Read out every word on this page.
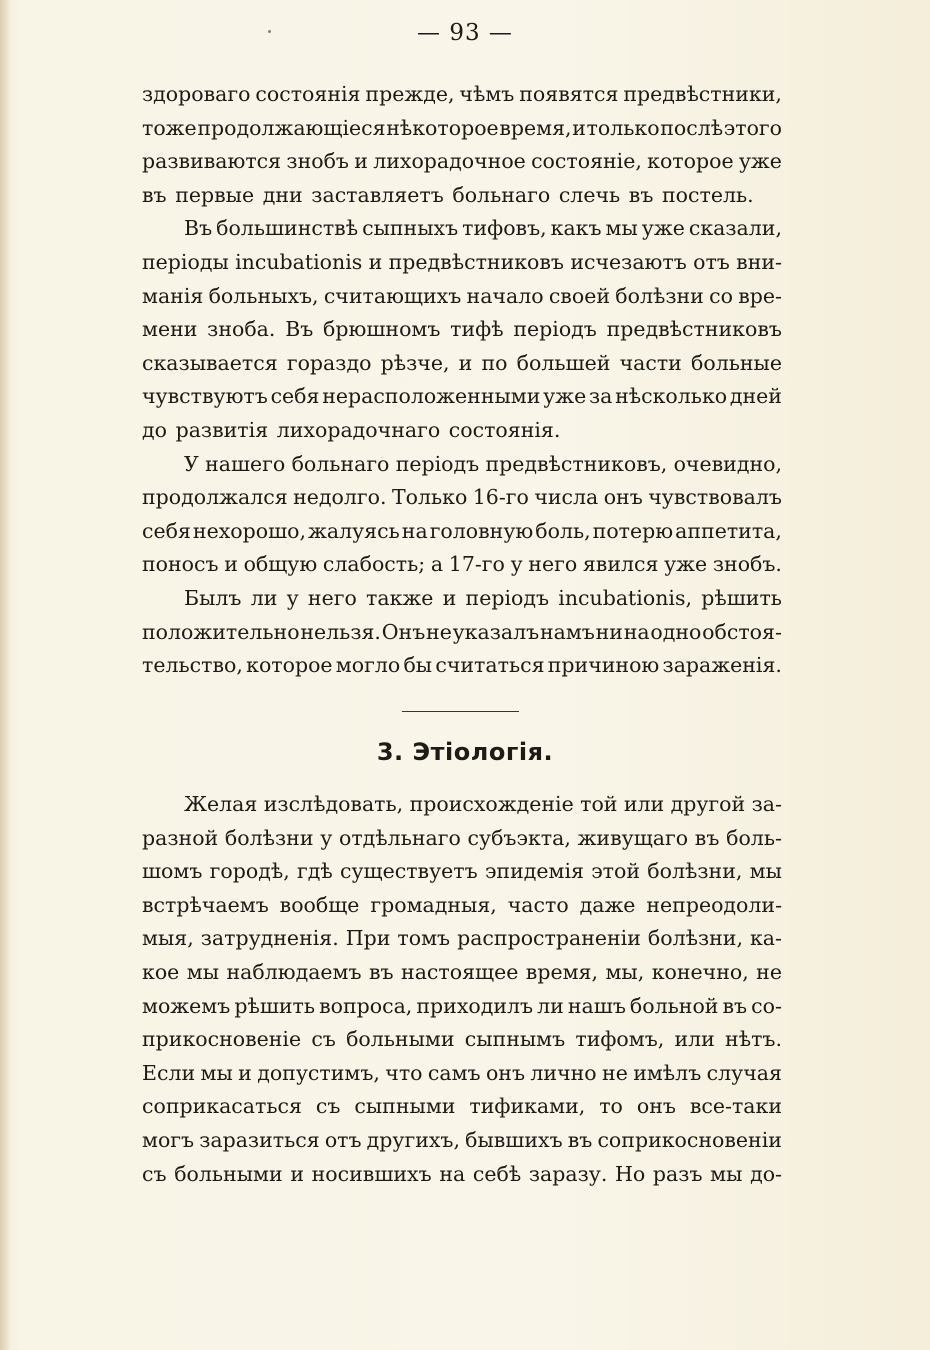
— 93 —
здороваго состоянія прежде, чѣмъ появятся предвѣстники,
тоже продолжающіеся нѣкоторое время, и только послѣ этого
развиваются знобъ и лихорадочное состояніе, которое уже
въ первые дни заставляетъ больнаго слечь въ постель.
Въ большинствѣ сыпныхъ тифовъ, какъ мы уже сказали,
періоды incubationis и предвѣстниковъ исчезаютъ отъ вни-
манія больныхъ, считающихъ начало своей болѣзни со вре-
мени зноба. Въ брюшномъ тифѣ періодъ предвѣстниковъ
сказывается гораздо рѣзче, и по большей части больные
чувствуютъ себя нерасположенными уже за нѣсколько дней
до развитія лихорадочнаго состоянія.
У нашего больнаго періодъ предвѣстниковъ, очевидно,
продолжался недолго. Только 16-го числа онъ чувствовалъ
себя нехорошо, жалуясь на головную боль, потерю аппетита,
поносъ и общую слабость; а 17-го у него явился уже знобъ.
Былъ ли у него также и періодъ incubationis, рѣшить
положительно нельзя. Онъ не указалъ намъ ни на одно обстоя-
тельство, которое могло бы считаться причиною зараженія.
3. Этіологія.
Желая изслѣдовать, происхожденіе той или другой за-
разной болѣзни у отдѣльнаго субъэкта, живущаго въ боль-
шомъ городѣ, гдѣ существуетъ эпидемія этой болѣзни, мы
встрѣчаемъ вообще громадныя, часто даже непреодоли-
мыя, затрудненія. При томъ распространеніи болѣзни, ка-
кое мы наблюдаемъ въ настоящее время, мы, конечно, не
можемъ рѣшить вопроса, приходилъ ли нашъ больной въ со-
прикосновеніе съ больными сыпнымъ тифомъ, или нѣтъ.
Если мы и допустимъ, что самъ онъ лично не имѣлъ случая
соприкасаться съ сыпными тификами, то онъ все-таки
могъ заразиться отъ другихъ, бывшихъ въ соприкосновеніи
съ больными и носившихъ на себѣ заразу. Но разъ мы до-
